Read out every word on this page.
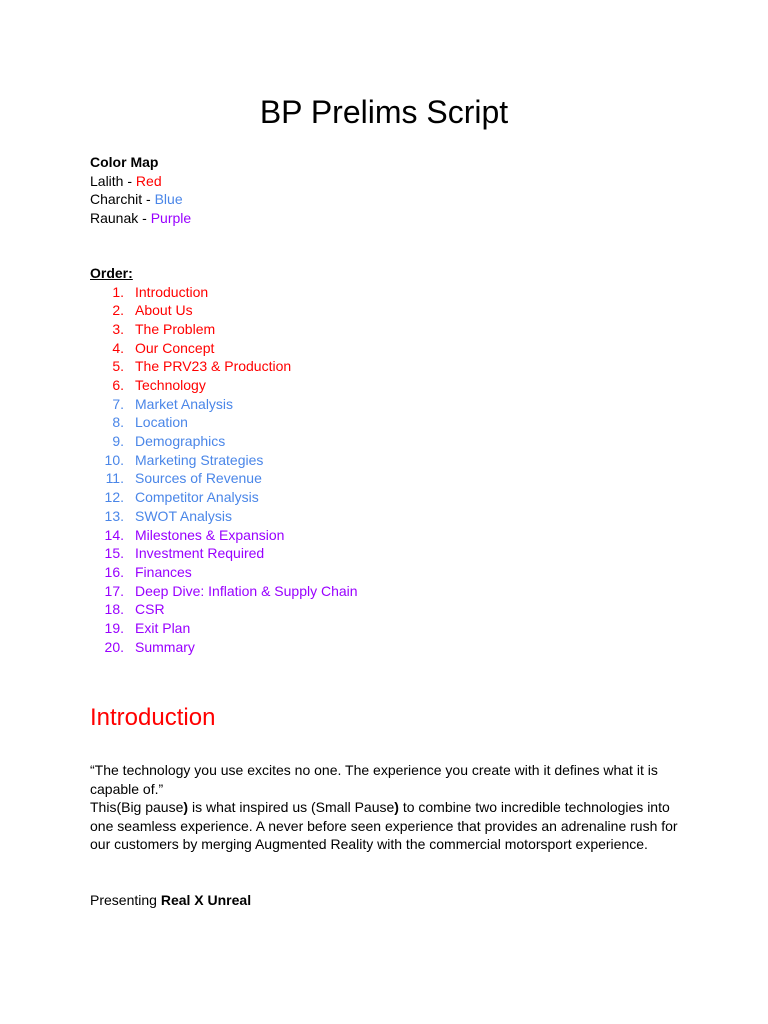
BP Prelims Script
Color Map
Lalith - Red
Charchit - Blue
Raunak - Purple
Order:
1. Introduction
2. About Us
3. The Problem
4. Our Concept
5. The PRV23 & Production
6. Technology
7. Market Analysis
8. Location
9. Demographics
10. Marketing Strategies
11. Sources of Revenue
12. Competitor Analysis
13. SWOT Analysis
14. Milestones & Expansion
15. Investment Required
16. Finances
17. Deep Dive: Inflation & Supply Chain
18. CSR
19. Exit Plan
20. Summary
Introduction

“The technology you use excites no one. The experience you create with it defines what it is capable of.”

This(Big pause) is what inspired us (Small Pause) to combine two incredible technologies into one seamless experience. A never before seen experience that provides an adrenaline rush for our customers by merging Augmented Reality with the commercial motorsport experience.

Presenting Real X Unreal
